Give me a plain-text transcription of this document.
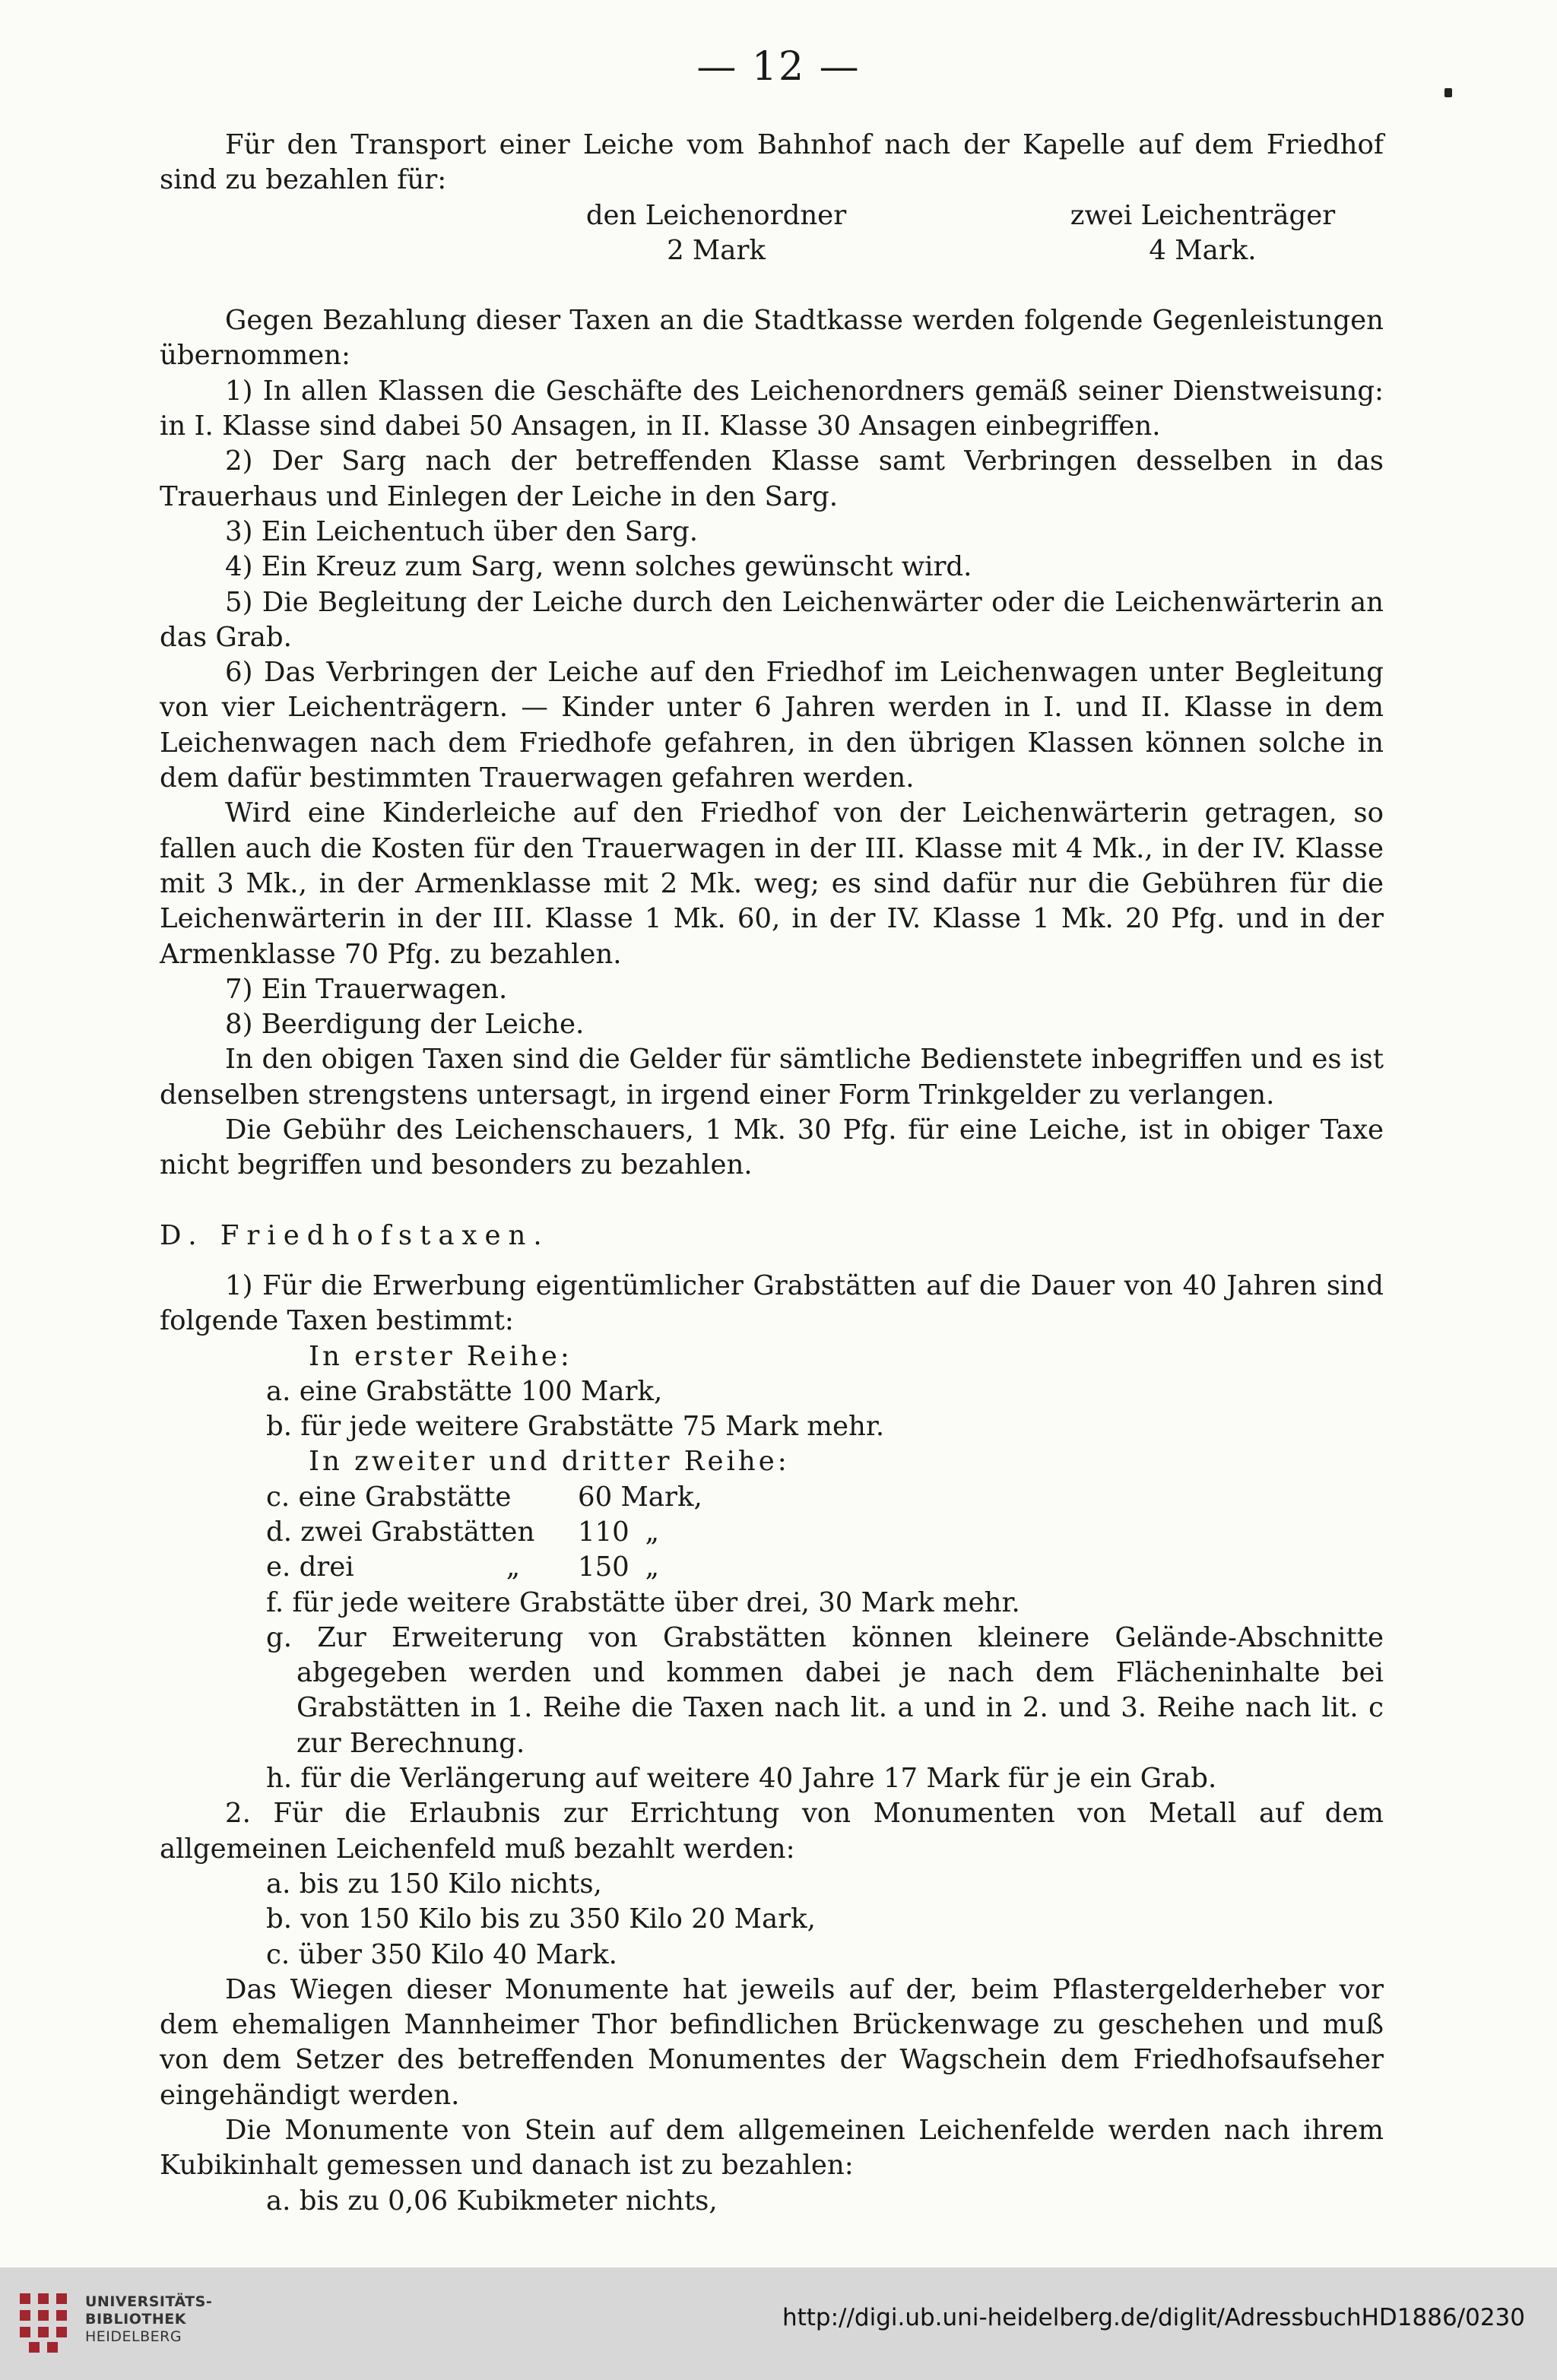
— 12 —

Für den Transport einer Leiche vom Bahnhof nach der Kapelle auf dem Friedhof sind zu bezahlen für:

den Leichenordner	zwei Leichenträger
2 Mark	4 Mark.

Gegen Bezahlung dieser Taxen an die Stadtkasse werden folgende Gegenleistungen übernommen:

1) In allen Klassen die Geschäfte des Leichenordners gemäß seiner Dienstweisung: in I. Klasse sind dabei 50 Ansagen, in II. Klasse 30 Ansagen einbegriffen.

2) Der Sarg nach der betreffenden Klasse samt Verbringen desselben in das Trauerhaus und Einlegen der Leiche in den Sarg.

3) Ein Leichentuch über den Sarg.

4) Ein Kreuz zum Sarg, wenn solches gewünscht wird.

5) Die Begleitung der Leiche durch den Leichenwärter oder die Leichenwärterin an das Grab.

6) Das Verbringen der Leiche auf den Friedhof im Leichenwagen unter Begleitung von vier Leichenträgern. — Kinder unter 6 Jahren werden in I. und II. Klasse in dem Leichenwagen nach dem Friedhofe gefahren, in den übrigen Klassen können solche in dem dafür bestimmten Trauerwagen gefahren werden.

Wird eine Kinderleiche auf den Friedhof von der Leichenwärterin getragen, so fallen auch die Kosten für den Trauerwagen in der III. Klasse mit 4 Mk., in der IV. Klasse mit 3 Mk., in der Armenklasse mit 2 Mk. weg; es sind dafür nur die Gebühren für die Leichenwärterin in der III. Klasse 1 Mk. 60, in der IV. Klasse 1 Mk. 20 Pfg. und in der Armenklasse 70 Pfg. zu bezahlen.

7) Ein Trauerwagen.

8) Beerdigung der Leiche.

In den obigen Taxen sind die Gelder für sämtliche Bedienstete inbegriffen und es ist denselben strengstens untersagt, in irgend einer Form Trinkgelder zu verlangen.

Die Gebühr des Leichenschauers, 1 Mk. 30 Pfg. für eine Leiche, ist in obiger Taxe nicht begriffen und besonders zu bezahlen.

D. Friedhofstaxen.

1) Für die Erwerbung eigentümlicher Grabstätten auf die Dauer von 40 Jahren sind folgende Taxen bestimmt:

In erster Reihe:

a. eine Grabstätte 100 Mark,

b. für jede weitere Grabstätte 75 Mark mehr.

In zweiter und dritter Reihe:

c. eine Grabstätte 60 Mark,

d. zwei Grabstätten 110 „

e. drei	„ 150 „

f. für jede weitere Grabstätte über drei, 30 Mark mehr.

g. Zur Erweiterung von Grabstätten können kleinere Gelände-Abschnitte abgegeben werden und kommen dabei je nach dem Flächeninhalte bei Grabstätten in 1. Reihe die Taxen nach lit. a und in 2. und 3. Reihe nach lit. c zur Berechnung.

h. für die Verlängerung auf weitere 40 Jahre 17 Mark für je ein Grab.

2. Für die Erlaubnis zur Errichtung von Monumenten von Metall auf dem allgemeinen Leichenfeld muß bezahlt werden:

a. bis zu 150 Kilo nichts,

b. von 150 Kilo bis zu 350 Kilo 20 Mark,

c. über 350 Kilo 40 Mark.

Das Wiegen dieser Monumente hat jeweils auf der, beim Pflastergelderheber vor dem ehemaligen Mannheimer Thor befindlichen Brückenwage zu geschehen und muß von dem Setzer des betreffenden Monumentes der Wagschein dem Friedhofsaufseher eingehändigt werden.

Die Monumente von Stein auf dem allgemeinen Leichenfelde werden nach ihrem Kubikinhalt gemessen und danach ist zu bezahlen:

a. bis zu 0,06 Kubikmeter nichts,

UNIVERSITÄTS-
BIBLIOTHEK
HEIDELBERG
http://digi.ub.uni-heidelberg.de/diglit/AdressbuchHD1886/0230
